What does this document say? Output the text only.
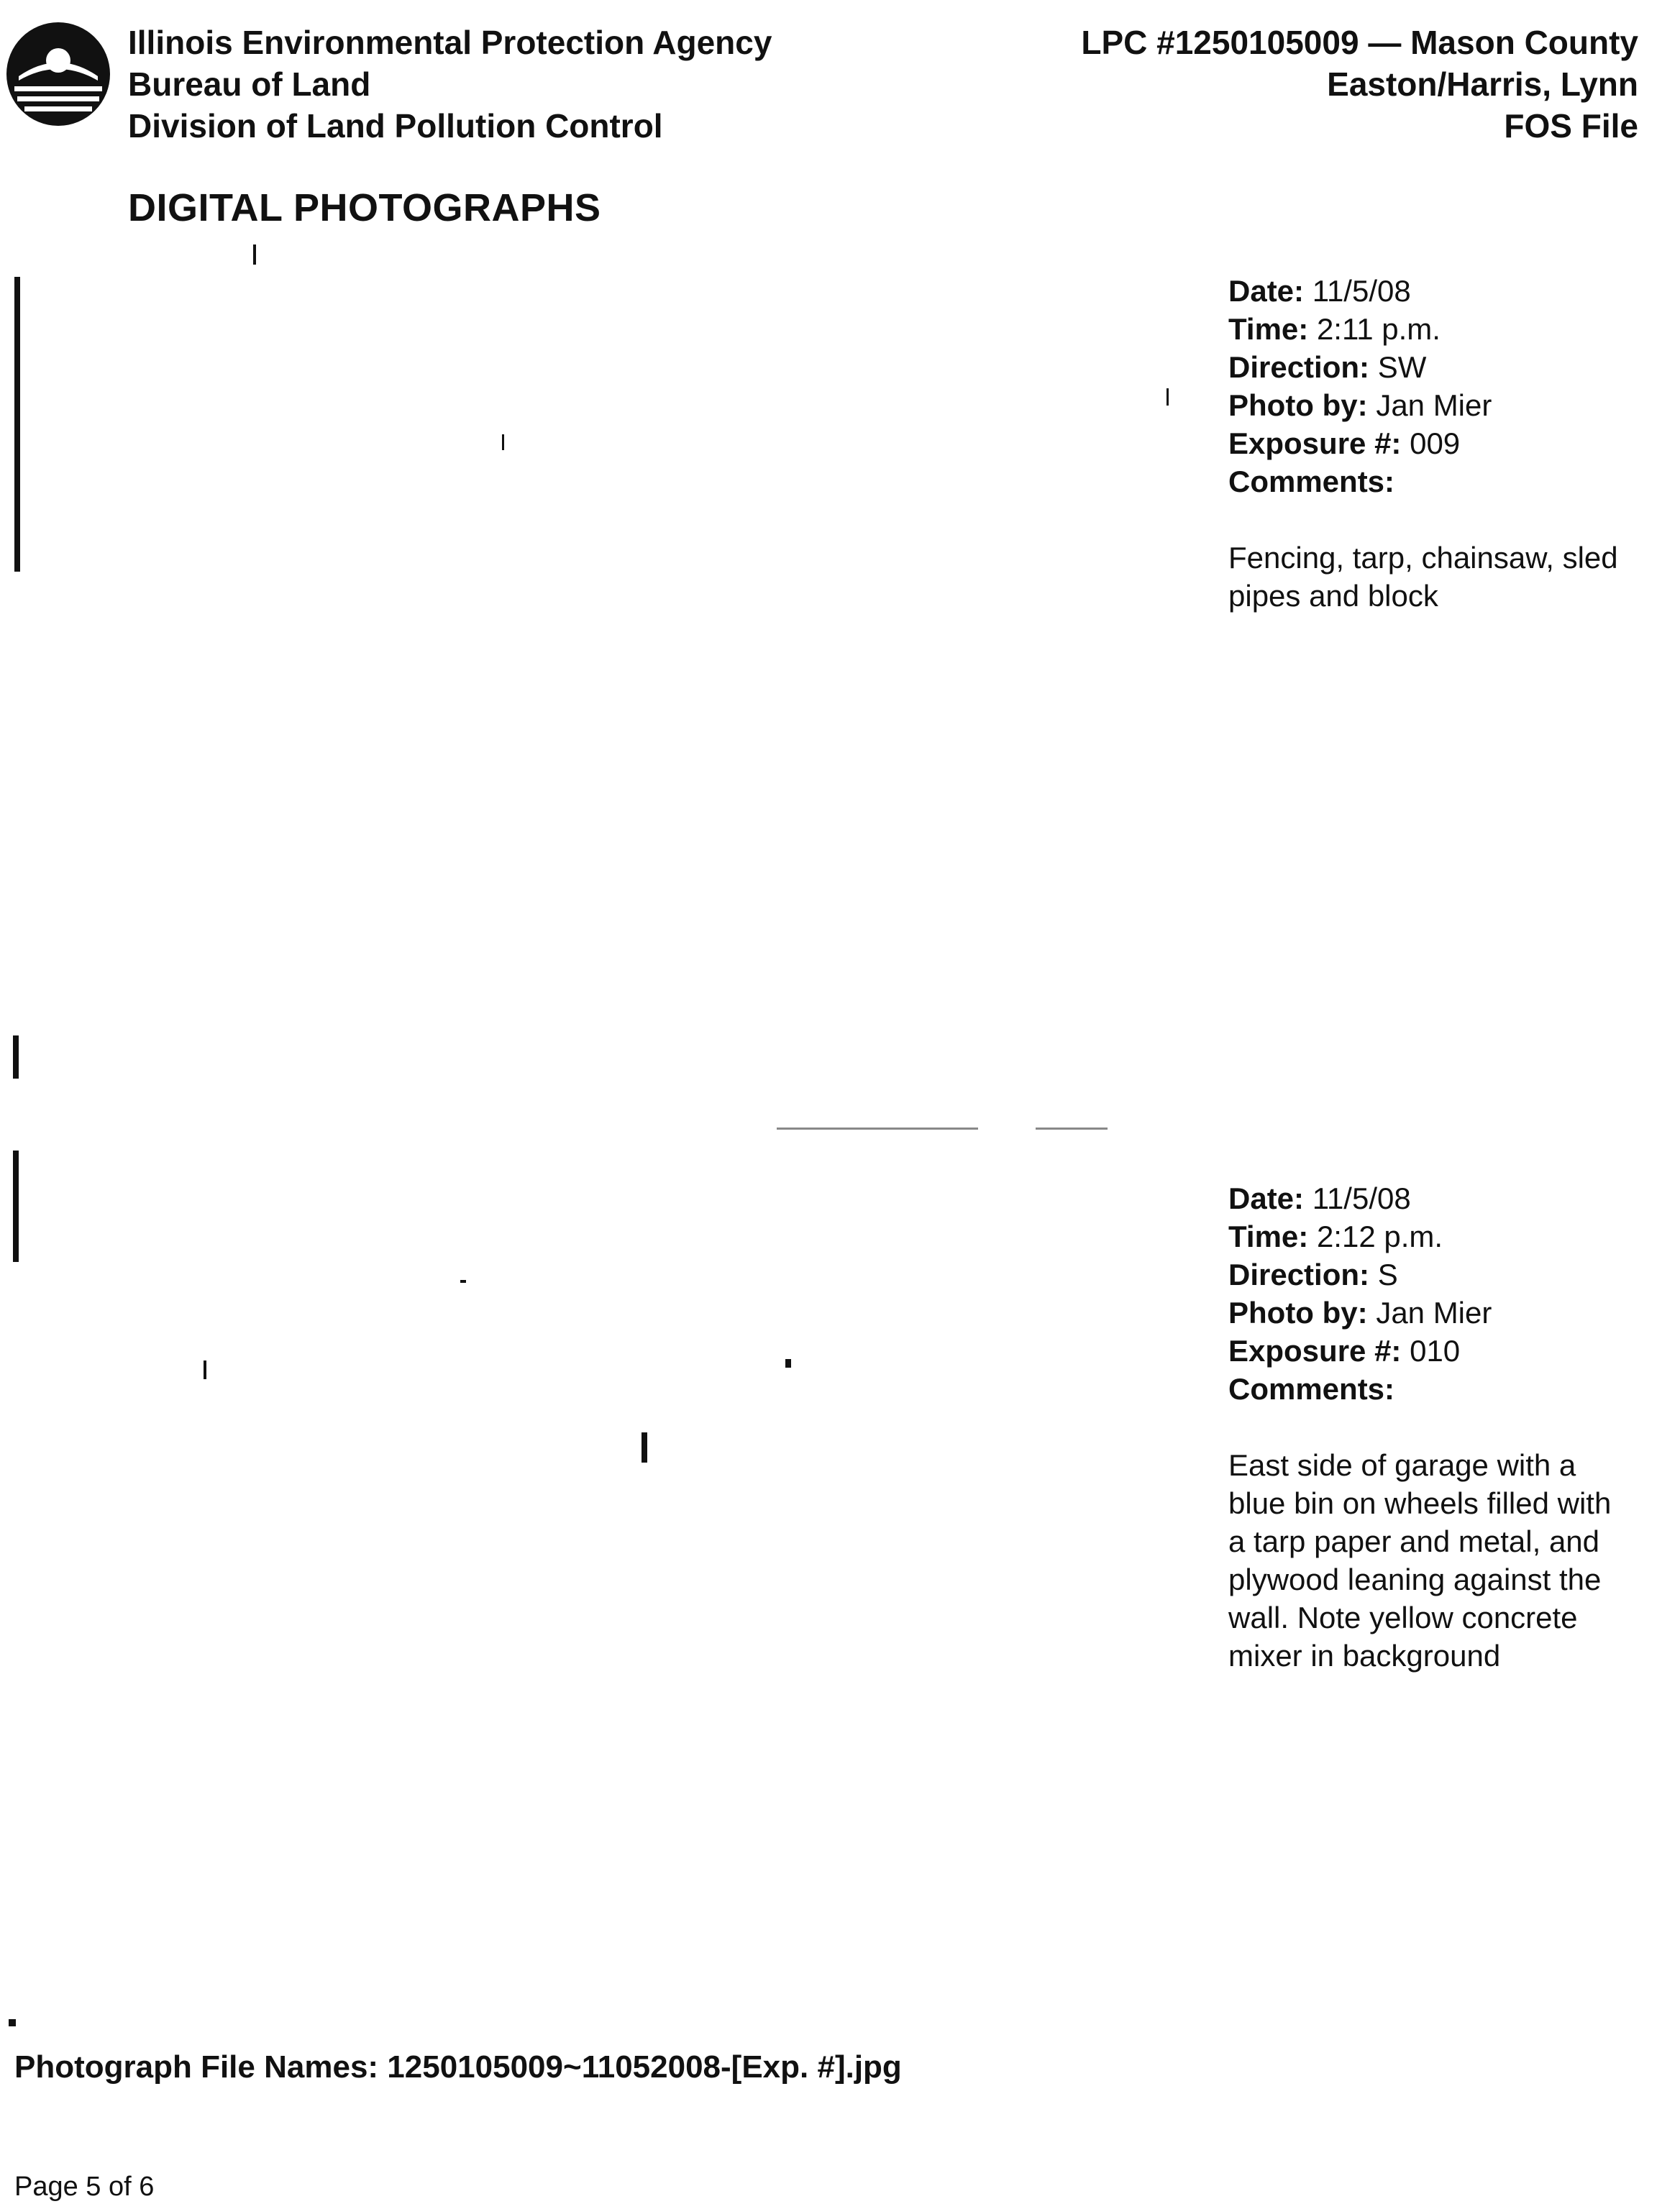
Illinois Environmental Protection Agency
Bureau of Land
Division of Land Pollution Control
LPC #1250105009 — Mason County
Easton/Harris, Lynn
FOS File
DIGITAL PHOTOGRAPHS
Date: 11/5/08
Time: 2:11 p.m.
Direction: SW
Photo by: Jan Mier
Exposure #: 009
Comments:
Fencing, tarp, chainsaw, sled pipes and block
Date: 11/5/08
Time: 2:12 p.m.
Direction: S
Photo by: Jan Mier
Exposure #: 010
Comments:
East side of garage with a blue bin on wheels filled with a tarp paper and metal, and plywood leaning against the wall. Note yellow concrete mixer in background
Photograph File Names: 1250105009~11052008-[Exp. #].jpg
Page 5 of 6
